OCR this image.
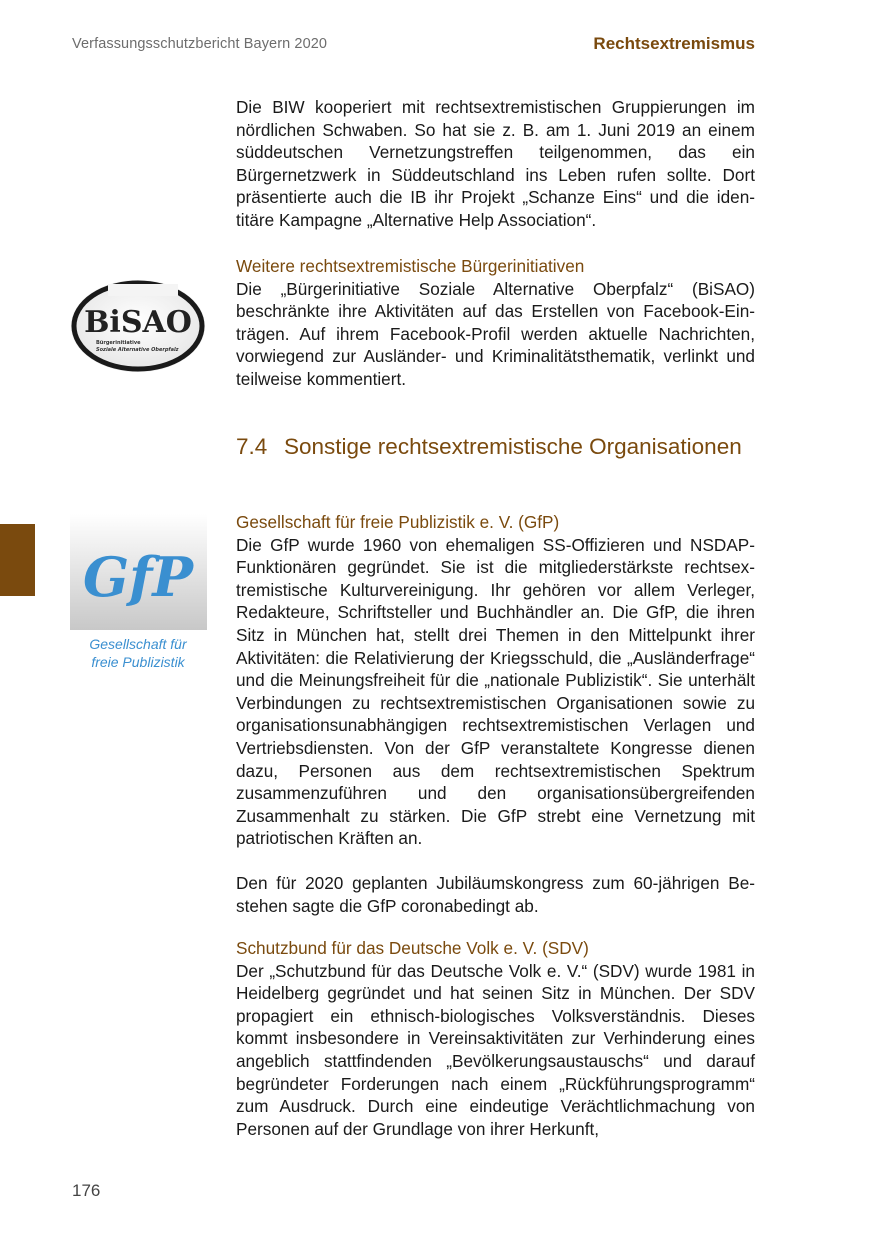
Verfassungsschutzbericht Bayern 2020	Rechtsextremismus
BiSAO
Bürgerinitiative
Soziale Alternative Oberpfalz
GfP
Gesellschaft für
freie Publizistik

Die BIW kooperiert mit rechtsextremistischen Gruppierungen im nördlichen Schwaben. So hat sie z. B. am 1. Juni 2019 an einem süddeutschen Vernetzungstreffen teilgenommen, das ein Bürgernetzwerk in Süddeutschland ins Leben rufen sollte. Dort präsentierte auch die IB ihr Projekt „Schanze Eins“ und die identitäre Kampagne „Alternative Help Association“.

Weitere rechtsextremistische Bürgerinitiativen

Die „Bürgerinitiative Soziale Alternative Oberpfalz“ (BiSAO) beschränkte ihre Aktivitäten auf das Erstellen von Facebook-Einträgen. Auf ihrem Facebook-Profil werden aktuelle Nachrichten, vorwiegend zur Ausländer- und Kriminalitätsthematik, verlinkt und teilweise kommentiert.

7.4 Sonstige rechtsextremistische Organisationen

Gesellschaft für freie Publizistik e. V. (GfP)

Die GfP wurde 1960 von ehemaligen SS-Offizieren und NSDAP-Funktionären gegründet. Sie ist die mitgliederstärkste rechtsextremistische Kulturvereinigung. Ihr gehören vor allem Verleger, Redakteure, Schriftsteller und Buchhändler an. Die GfP, die ihren Sitz in München hat, stellt drei Themen in den Mittelpunkt ihrer Aktivitäten: die Relativierung der Kriegsschuld, die „Ausländerfrage“ und die Meinungsfreiheit für die „nationale Publizistik“. Sie unterhält Verbindungen zu rechtsextremistischen Organisationen sowie zu organisationsunabhängigen rechtsextremistischen Verlagen und Vertriebsdiensten. Von der GfP veranstaltete Kongresse dienen dazu, Personen aus dem rechtsextremistischen Spektrum zusammenzuführen und den organisationsübergreifenden Zusammenhalt zu stärken. Die GfP strebt eine Vernetzung mit patriotischen Kräften an.

Den für 2020 geplanten Jubiläumskongress zum 60-jährigen Bestehen sagte die GfP coronabedingt ab.

Schutzbund für das Deutsche Volk e. V. (SDV)

Der „Schutzbund für das Deutsche Volk e. V.“ (SDV) wurde 1981 in Heidelberg gegründet und hat seinen Sitz in München. Der SDV propagiert ein ethnisch-biologisches Volksverständnis. Dieses kommt insbesondere in Vereinsaktivitäten zur Verhinderung eines angeblich stattfindenden „Bevölkerungsaustauschs“ und darauf begründeter Forderungen nach einem „Rückführungsprogramm“ zum Ausdruck. Durch eine eindeutige Verächtlichmachung von Personen auf der Grundlage von ihrer Herkunft,

176
